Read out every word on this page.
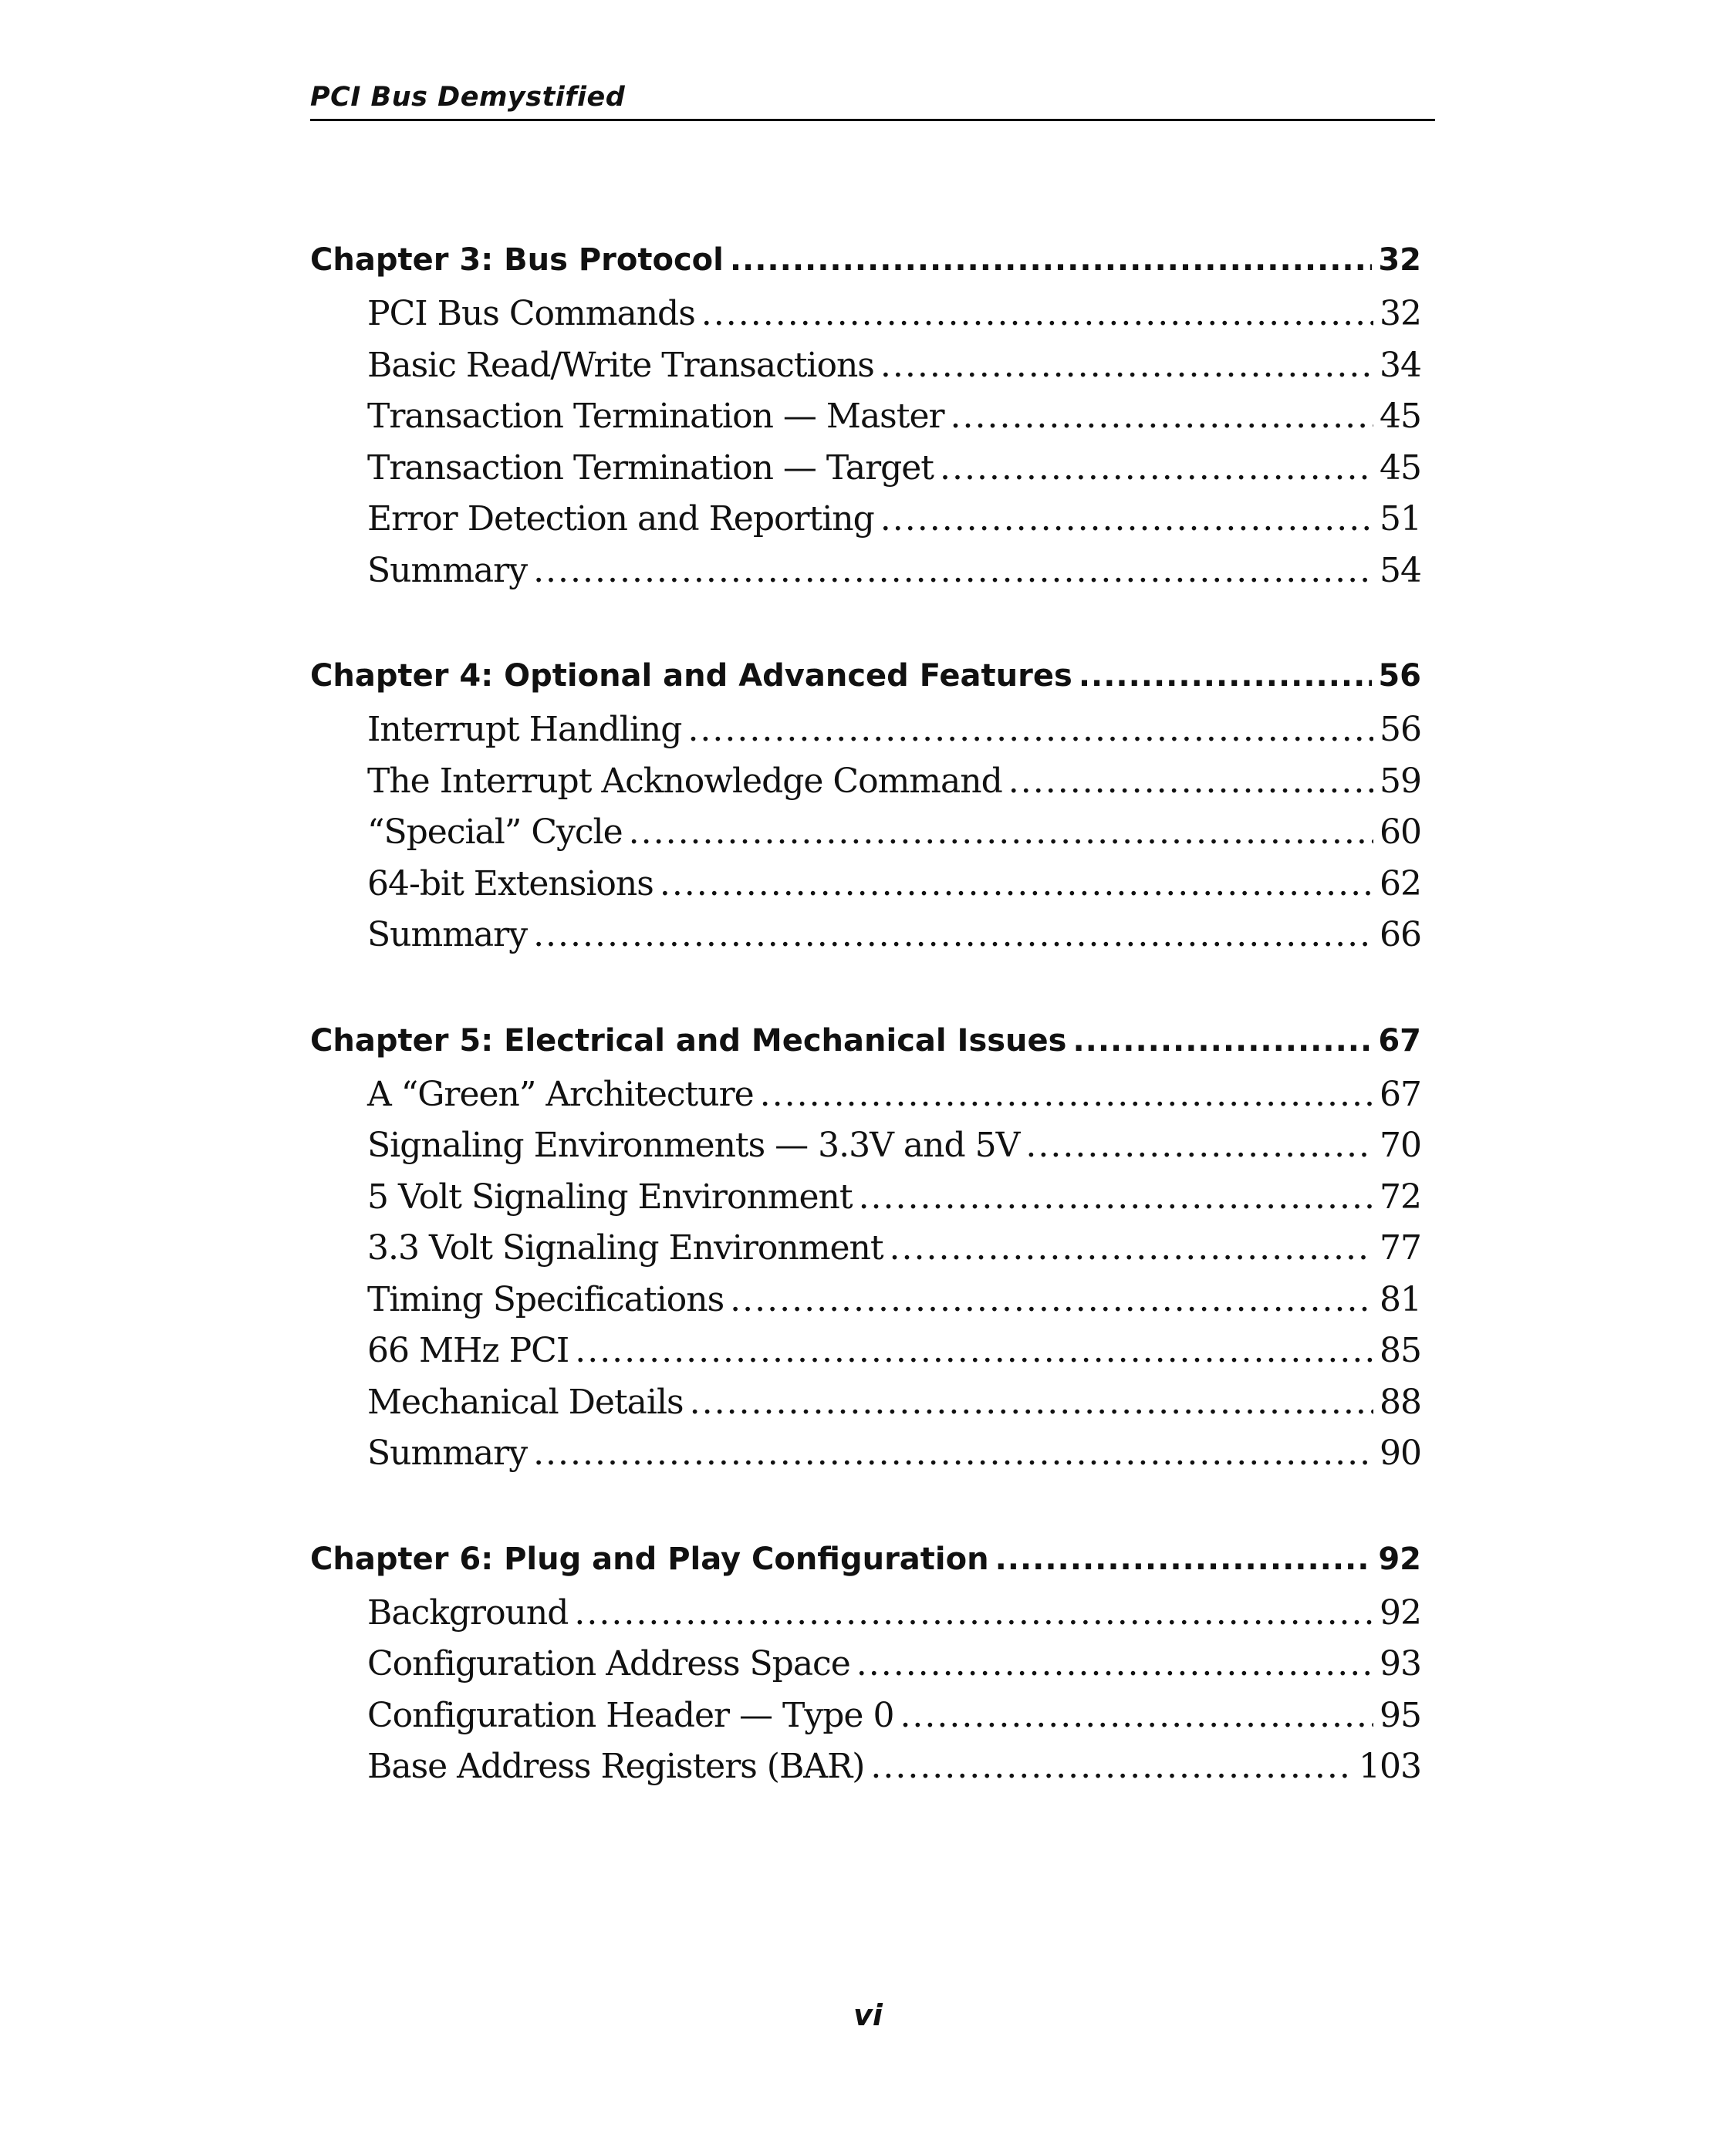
PCI Bus Demystified
Chapter 3: Bus Protocol .....	32
PCI Bus Commands .....	32
Basic Read/Write Transactions .....	34
Transaction Termination — Master .....	45
Transaction Termination — Target .....	45
Error Detection and Reporting .....	51
Summary .....	54
Chapter 4: Optional and Advanced Features .....	56
Interrupt Handling .....	56
The Interrupt Acknowledge Command .....	59
“Special” Cycle .....	60
64-bit Extensions .....	62
Summary .....	66
Chapter 5: Electrical and Mechanical Issues .....	67
A “Green” Architecture .....	67
Signaling Environments — 3.3V and 5V .....	70
5 Volt Signaling Environment .....	72
3.3 Volt Signaling Environment .....	77
Timing Specifications .....	81
66 MHz PCI .....	85
Mechanical Details .....	88
Summary .....	90
Chapter 6: Plug and Play Configuration .....	92
Background .....	92
Configuration Address Space .....	93
Configuration Header — Type 0 .....	95
Base Address Registers (BAR) .....	103
vi
